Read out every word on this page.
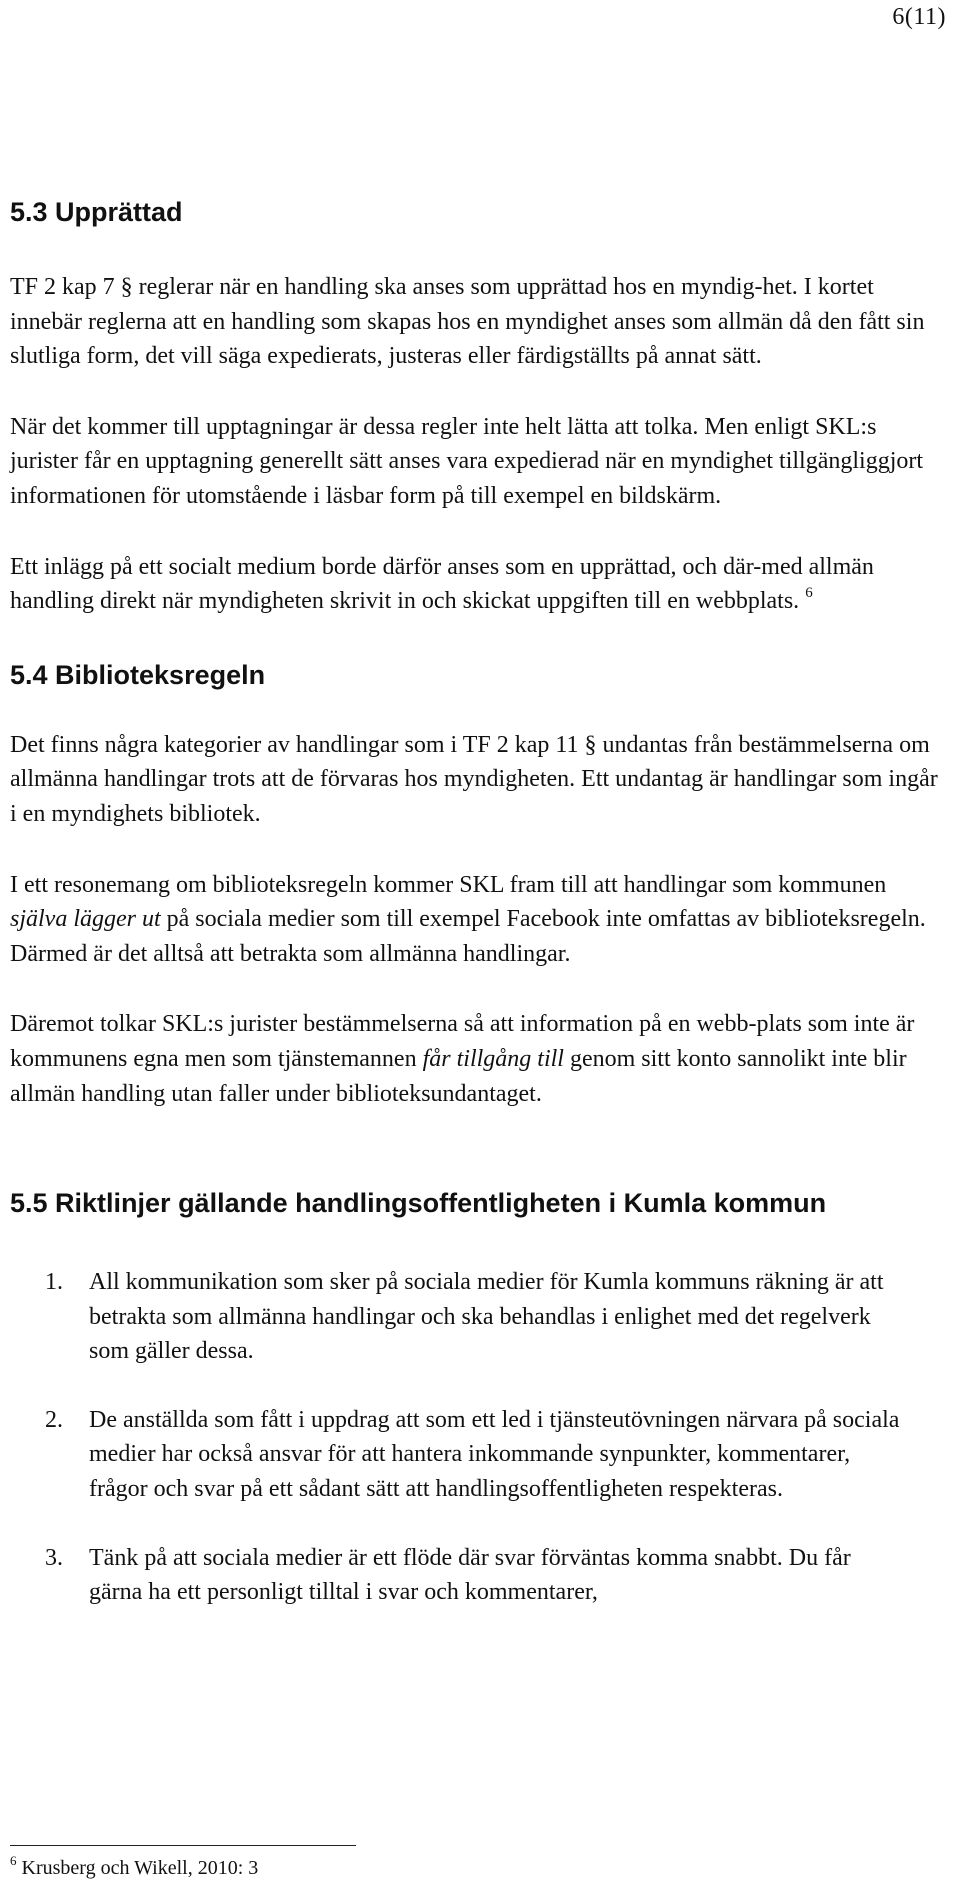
6(11)
5.3 Upprättad

TF 2 kap 7 § reglerar när en handling ska anses som upprättad hos en myndig-het. I kortet innebär reglerna att en handling som skapas hos en myndighet anses som allmän då den fått sin slutliga form, det vill säga expedierats, justeras eller färdigställts på annat sätt.

När det kommer till upptagningar är dessa regler inte helt lätta att tolka. Men enligt SKL:s jurister får en upptagning generellt sätt anses vara expedierad när en myndighet tillgängliggjort informationen för utomstående i läsbar form på till exempel en bildskärm.

Ett inlägg på ett socialt medium borde därför anses som en upprättad, och där-med allmän handling direkt när myndigheten skrivit in och skickat uppgiften till en webbplats. $^6$

5.4 Biblioteksregeln

Det finns några kategorier av handlingar som i TF 2 kap 11 § undantas från bestämmelserna om allmänna handlingar trots att de förvaras hos myndigheten. Ett undantag är handlingar som ingår i en myndighets bibliotek.

I ett resonemang om biblioteksregeln kommer SKL fram till att handlingar som kommunen själva lägger ut på sociala medier som till exempel Facebook inte omfattas av biblioteksregeln. Därmed är det alltså att betrakta som allmänna handlingar.

Däremot tolkar SKL:s jurister bestämmelserna så att information på en webb-plats som inte är kommunens egna men som tjänstemannen får tillgång till genom sitt konto sannolikt inte blir allmän handling utan faller under biblioteksundantaget.

5.5 Riktlinjer gällande handlingsoffentligheten i Kumla kommun
1.	All kommunikation som sker på sociala medier för Kumla kommuns räkning är att betrakta som allmänna handlingar och ska behandlas i enlighet med det regelverk som gäller dessa.
2.	De anställda som fått i uppdrag att som ett led i tjänsteutövningen närvara på sociala medier har också ansvar för att hantera inkommande synpunkter, kommentarer, frågor och svar på ett sådant sätt att handlingsoffentligheten respekteras.
3.	Tänk på att sociala medier är ett flöde där svar förväntas komma snabbt. Du får gärna ha ett personligt tilltal i svar och kommentarer,
$^6$ Krusberg och Wikell, 2010: 3
